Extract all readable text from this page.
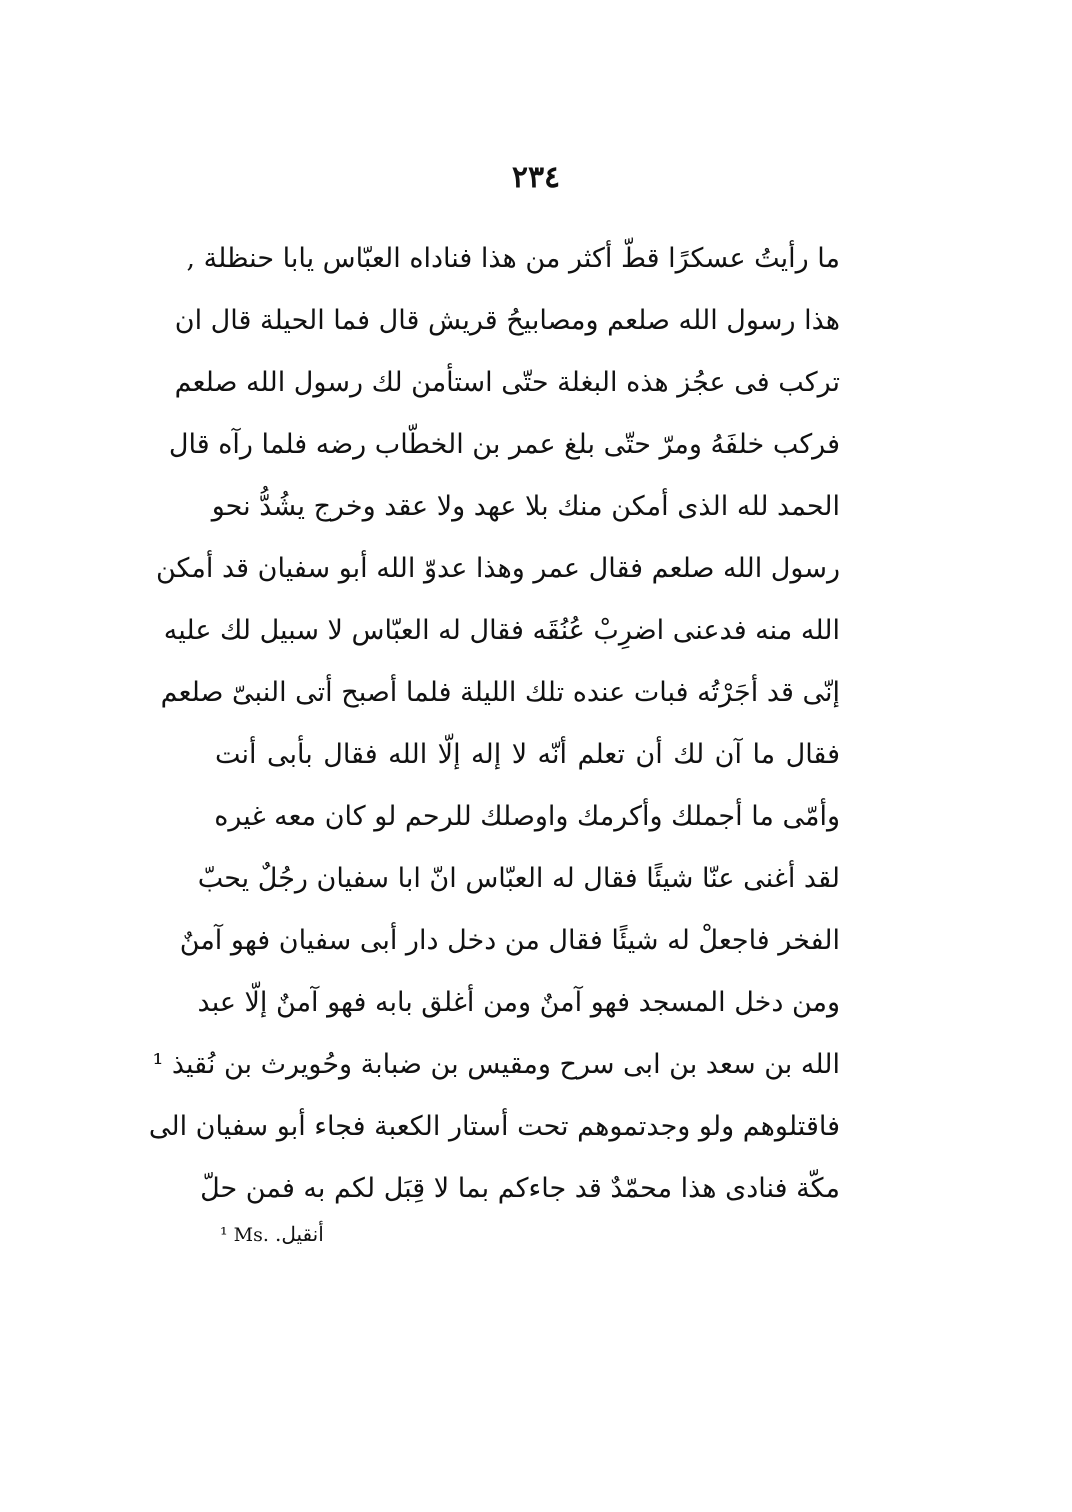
٢٣٤
ما رأيتُ عسكرًا قطّ أكثر من هذا فناداه العبّاس يابا حنظلة ,
هذا رسول الله صلعم ومصابيحُ قريش قال فما الحيلة قال ان
تركب فى عجُز هذه البغلة حتّى استأمن لك رسول الله صلعم
فركب خلفَهُ ومرّ حتّى بلغ عمر بن الخطّاب رضه فلما رآه قال
الحمد لله الذى أمكن منك بلا عهد ولا عقد وخرج يشُدُّ نحو
رسول الله صلعم فقال عمر وهذا عدوّ الله أبو سفيان قد أمكن
الله منه فدعنى اضرِبْ عُنُقَه فقال له العبّاس لا سبيل لك عليه
إنّى قد أجَرْتُه فبات عنده تلك الليلة فلما أصبح أتى النبىّ صلعم
فقال ما آن لك أن تعلم أنّه لا إله إلّا الله فقال بأبى أنت
وأمّى ما أجملك وأكرمك واوصلك للرحم لو كان معه غيره
لقد أغنى عنّا شيئًا فقال له العبّاس انّ ابا سفيان رجُلٌ يحبّ
الفخر فاجعلْ له شيئًا فقال من دخل دار أبى سفيان فهو آمنٌ
ومن دخل المسجد فهو آمنٌ ومن أغلق بابه فهو آمنٌ إلّا عبد
الله بن سعد بن ابى سرح ومقيس بن ضبابة وحُويرث بن نُقيذ ¹
فاقتلوهم ولو وجدتموهم تحت أستار الكعبة فجاء أبو سفيان الى
مكّة فنادى هذا محمّدٌ قد جاءكم بما لا قِبَل لكم به فمن حلّ
¹ Ms. أنقيل.
